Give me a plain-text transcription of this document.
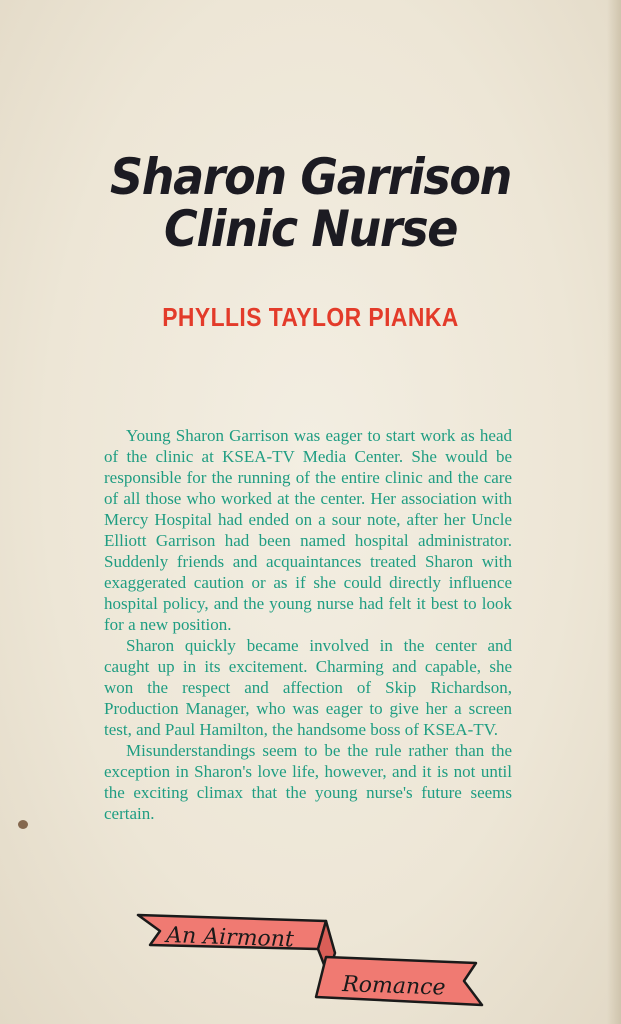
Sharon Garrison
Clinic Nurse
PHYLLIS TAYLOR PIANKA

Young Sharon Garrison was eager to start work as head of the clinic at KSEA-TV Media Center. She would be responsible for the running of the entire clinic and the care of all those who worked at the center. Her association with Mercy Hospital had ended on a sour note, after her Uncle Elliott Garrison had been named hospital administrator. Suddenly friends and acquaintances treated Sharon with exaggerated caution or as if she could directly influence hospital policy, and the young nurse had felt it best to look for a new position.

Sharon quickly became involved in the center and caught up in its excitement. Charming and capable, she won the respect and affection of Skip Richardson, Production Manager, who was eager to give her a screen test, and Paul Hamilton, the handsome boss of KSEA-TV.

Misunderstandings seem to be the rule rather than the exception in Sharon's love life, however, and it is not until the exciting climax that the young nurse's future seems certain.

An Airmont
Romance
